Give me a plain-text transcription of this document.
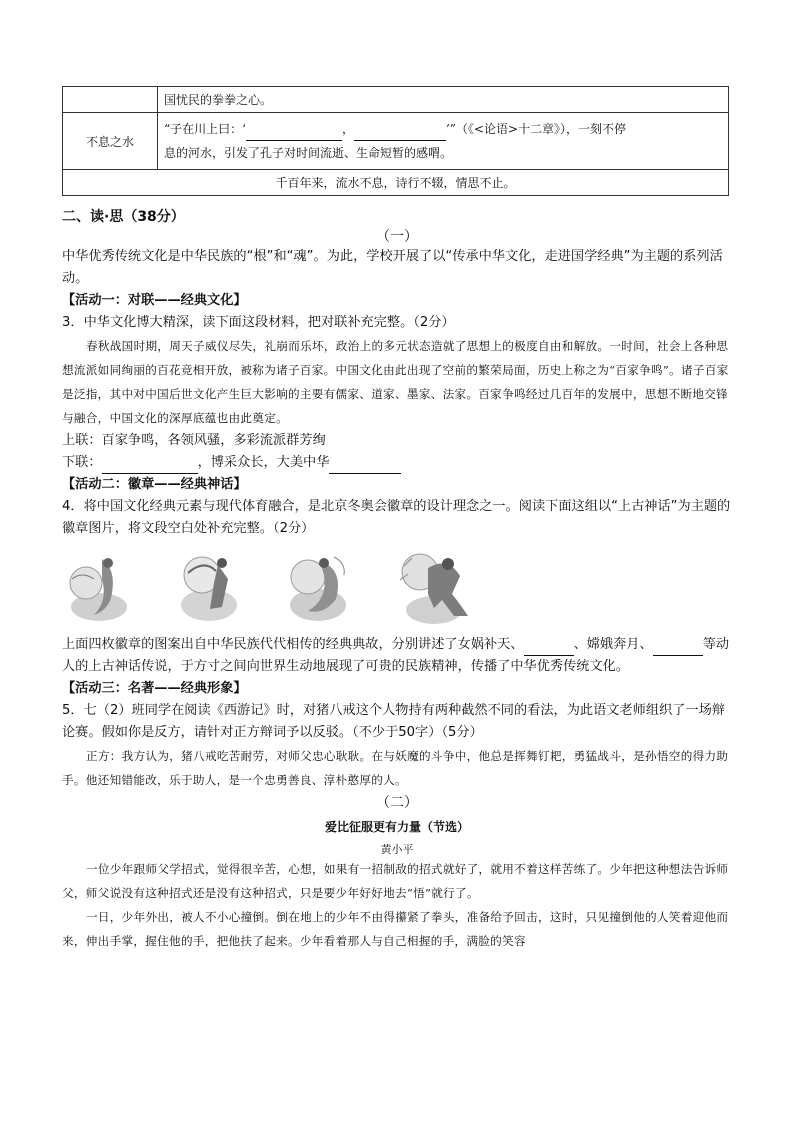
	国忧民的拳拳之心。
不息之水	“子在川上曰：‘ ， ’”（《<论语>十二章》），一刻不停
息的河水，引发了孔子对时间流逝、生命短暂的感喟。
千百年来，流水不息，诗行不辍，情思不止。	
二、读·思（38分）
（一）
中华优秀传统文化是中华民族的“根”和“魂”。为此，学校开展了以“传承中华文化，走进国学经典”为主题的系列活动。
【活动一：对联——经典文化】
3．中华文化博大精深，读下面这段材料，把对联补充完整。（2分）
春秋战国时期，周天子威仪尽失，礼崩而乐坏，政治上的多元状态造就了思想上的极度自由和解放。一时间，社会上各种思想流派如同绚丽的百花竞相开放，被称为诸子百家。中国文化由此出现了空前的繁荣局面，历史上称之为“百家争鸣”。诸子百家是泛指，其中对中国后世文化产生巨大影响的主要有儒家、道家、墨家、法家。百家争鸣经过几百年的发展中，思想不断地交锋与融合，中国文化的深厚底蕴也由此奠定。
上联：百家争鸣，各领风骚，多彩流派群芳绚
下联：	，博采众长，大美中华
【活动二：徽章——经典神话】
4．将中国文化经典元素与现代体育融合，是北京冬奥会徽章的设计理念之一。阅读下面这组以“上古神话”为主题的徽章图片，将文段空白处补充完整。（2分）
上面四枚徽章的图案出自中华民族代代相传的经典典故，分别讲述了女娲补天、	、嫦娥奔月、	等动人的上古神话传说，于方寸之间向世界生动地展现了可贵的民族精神，传播了中华优秀传统文化。
【活动三：名著——经典形象】
5．七（2）班同学在阅读《西游记》时，对猪八戒这个人物持有两种截然不同的看法，为此语文老师组织了一场辩论赛。假如你是反方，请针对正方辩词予以反驳。（不少于50字）（5分）
正方：我方认为，猪八戒吃苦耐劳，对师父忠心耿耿。在与妖魔的斗争中，他总是挥舞钉耙，勇猛战斗，是孙悟空的得力助手。他还知错能改，乐于助人，是一个忠勇善良、淳朴憨厚的人。
（二）
爱比征服更有力量（节选）
黄小平
一位少年跟师父学招式，觉得很辛苦，心想，如果有一招制敌的招式就好了，就用不着这样苦练了。少年把这种想法告诉师父，师父说没有这种招式还是没有这种招式，只是要少年好好地去“悟”就行了。
一日，少年外出，被人不小心撞倒。倒在地上的少年不由得攥紧了拳头，准备给予回击，这时，只见撞倒他的人笑着迎他而来，伸出手掌，握住他的手，把他扶了起来。少年看着那人与自己相握的手，满脸的笑容
